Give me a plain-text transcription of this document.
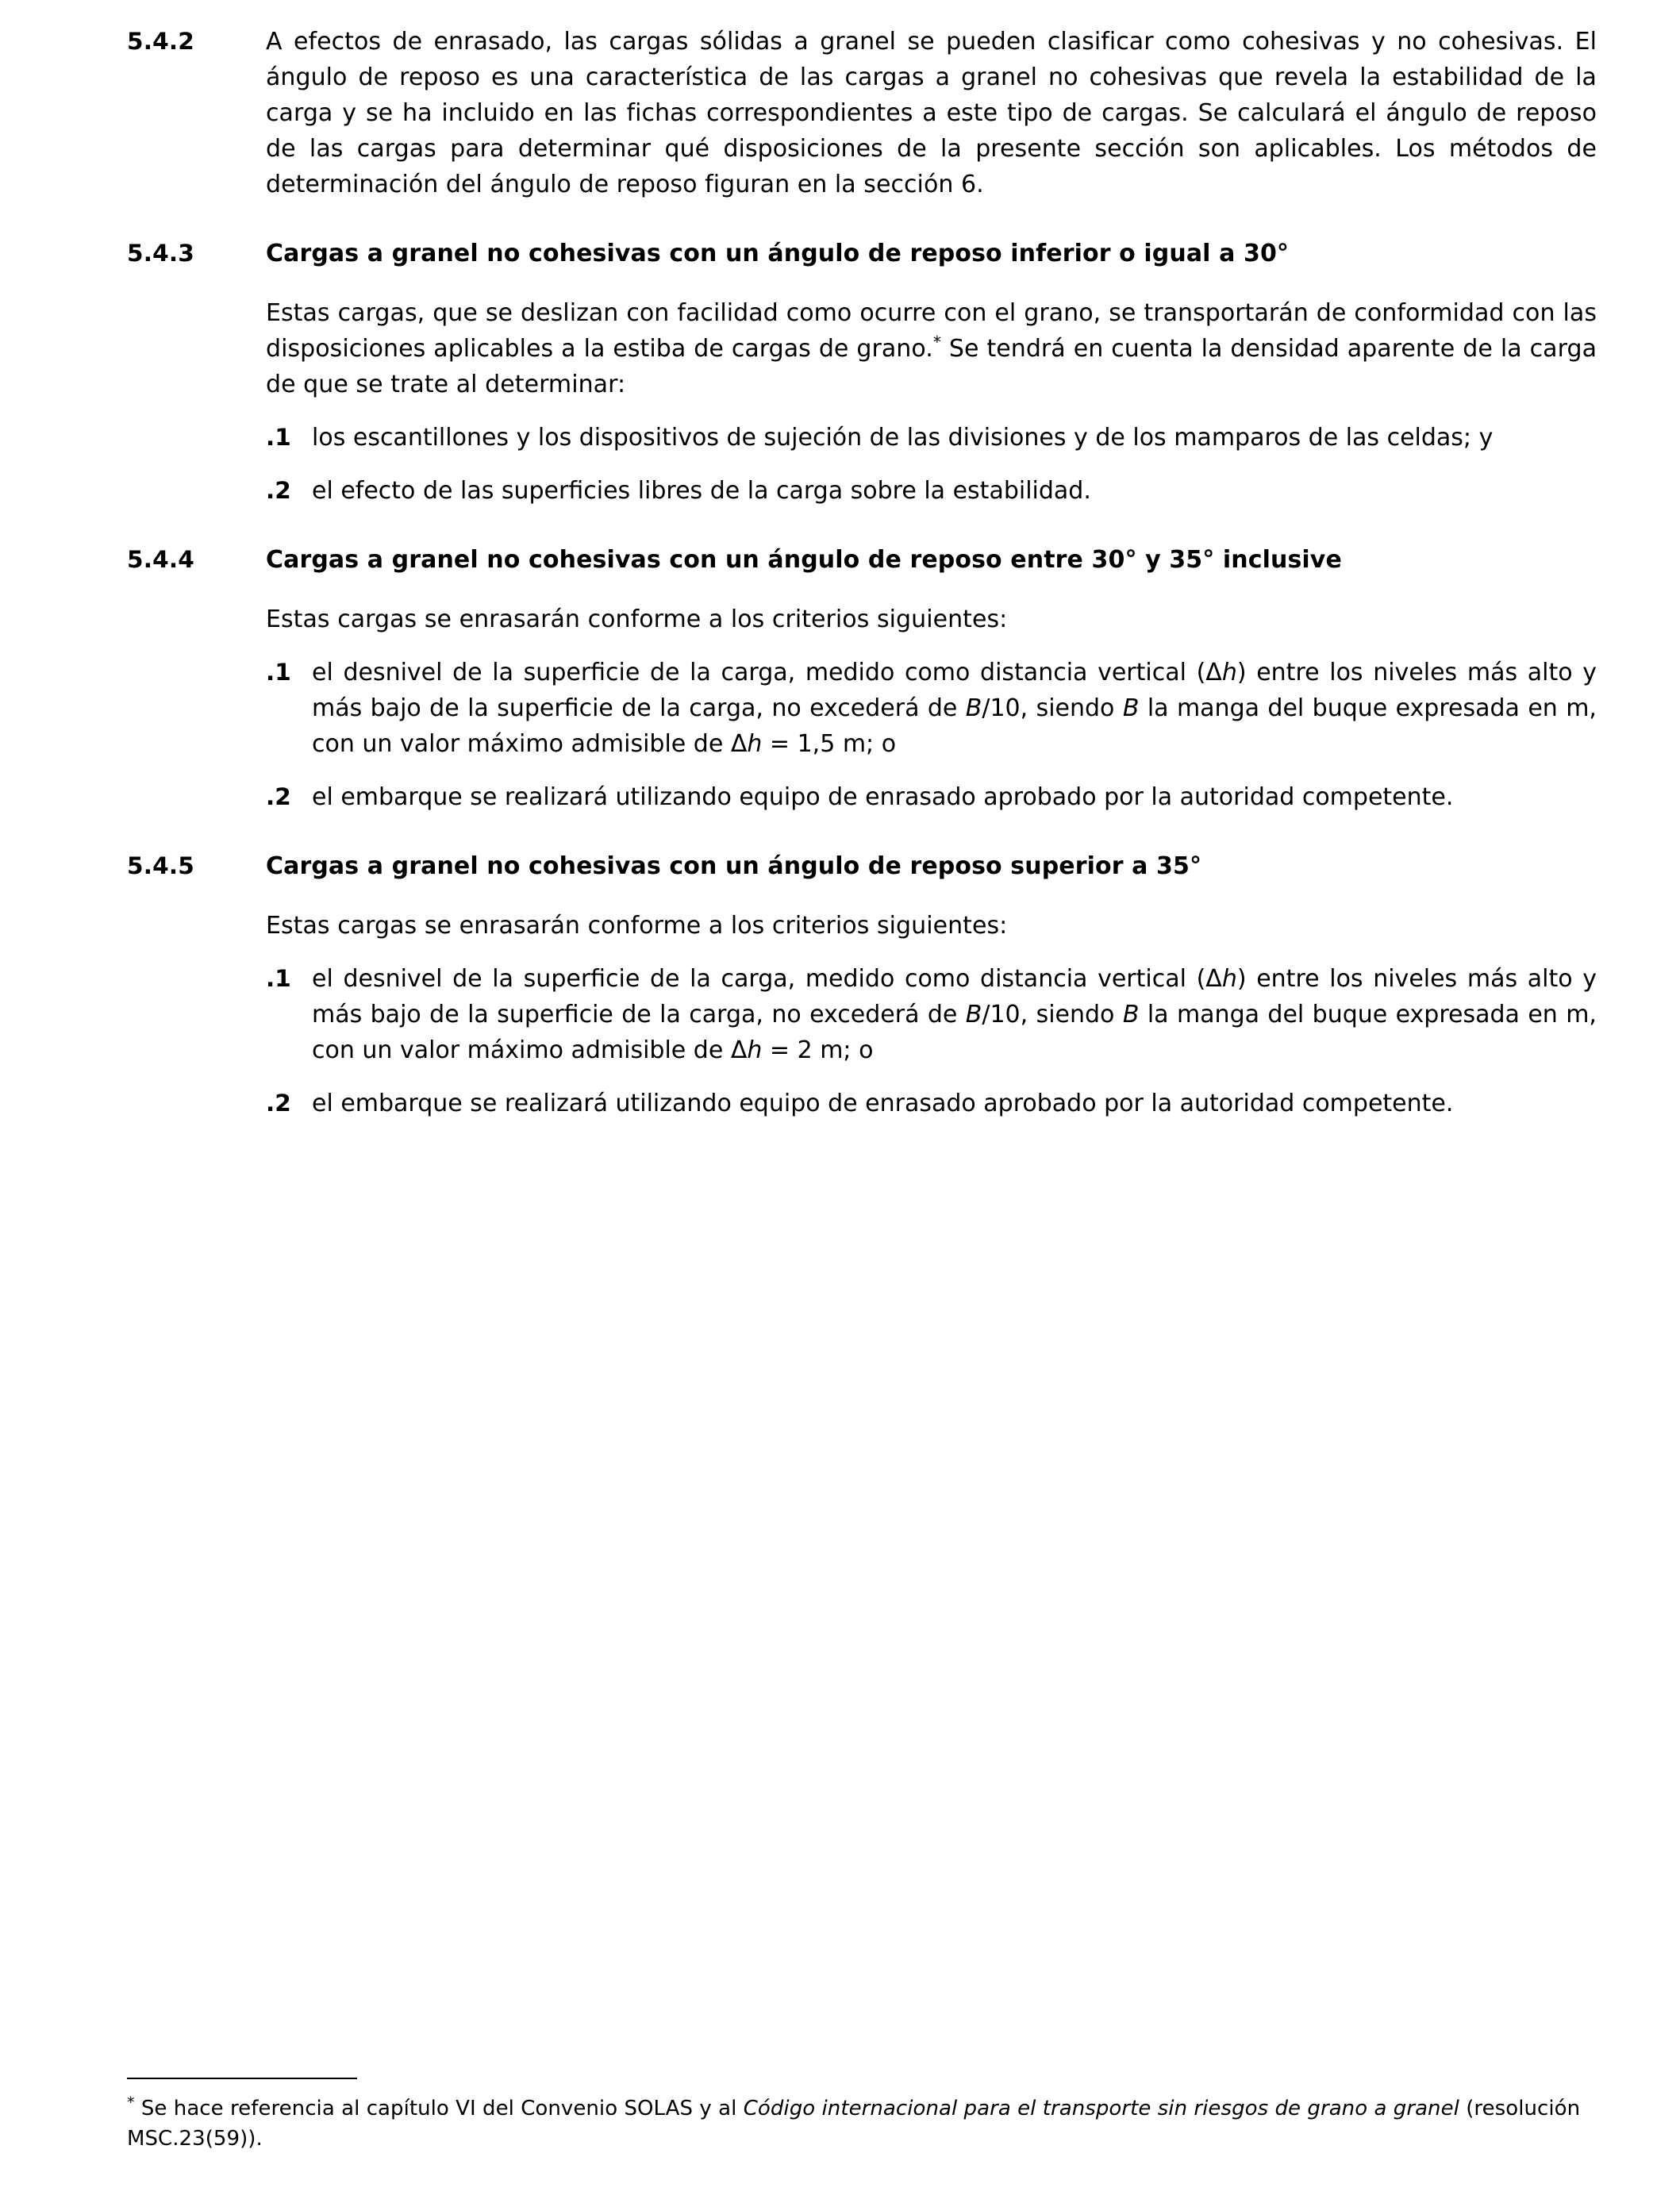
5.4.2	A efectos de enrasado, las cargas sólidas a granel se pueden clasificar como cohesivas y no cohesivas. El ángulo de reposo es una característica de las cargas a granel no cohesivas que revela la estabilidad de la carga y se ha incluido en las fichas correspondientes a este tipo de cargas. Se calculará el ángulo de reposo de las cargas para determinar qué disposiciones de la presente sección son aplicables. Los métodos de determinación del ángulo de reposo figuran en la sección 6.
5.4.3	Cargas a granel no cohesivas con un ángulo de reposo inferior o igual a 30°
Estas cargas, que se deslizan con facilidad como ocurre con el grano, se transportarán de conformidad con las disposiciones aplicables a la estiba de cargas de grano.* Se tendrá en cuenta la densidad aparente de la carga de que se trate al determinar:
.1 los escantillones y los dispositivos de sujeción de las divisiones y de los mamparos de las celdas; y
.2 el efecto de las superficies libres de la carga sobre la estabilidad.
5.4.4	Cargas a granel no cohesivas con un ángulo de reposo entre 30° y 35° inclusive
Estas cargas se enrasarán conforme a los criterios siguientes:
.1 el desnivel de la superficie de la carga, medido como distancia vertical (Δh) entre los niveles más alto y más bajo de la superficie de la carga, no excederá de B/10, siendo B la manga del buque expresada en m, con un valor máximo admisible de Δh = 1,5 m; o
.2 el embarque se realizará utilizando equipo de enrasado aprobado por la autoridad competente.
5.4.5	Cargas a granel no cohesivas con un ángulo de reposo superior a 35°
Estas cargas se enrasarán conforme a los criterios siguientes:
.1 el desnivel de la superficie de la carga, medido como distancia vertical (Δh) entre los niveles más alto y más bajo de la superficie de la carga, no excederá de B/10, siendo B la manga del buque expresada en m, con un valor máximo admisible de Δh = 2 m; o
.2 el embarque se realizará utilizando equipo de enrasado aprobado por la autoridad competente.
* Se hace referencia al capítulo VI del Convenio SOLAS y al Código internacional para el transporte sin riesgos de grano a granel (resolución MSC.23(59)).
